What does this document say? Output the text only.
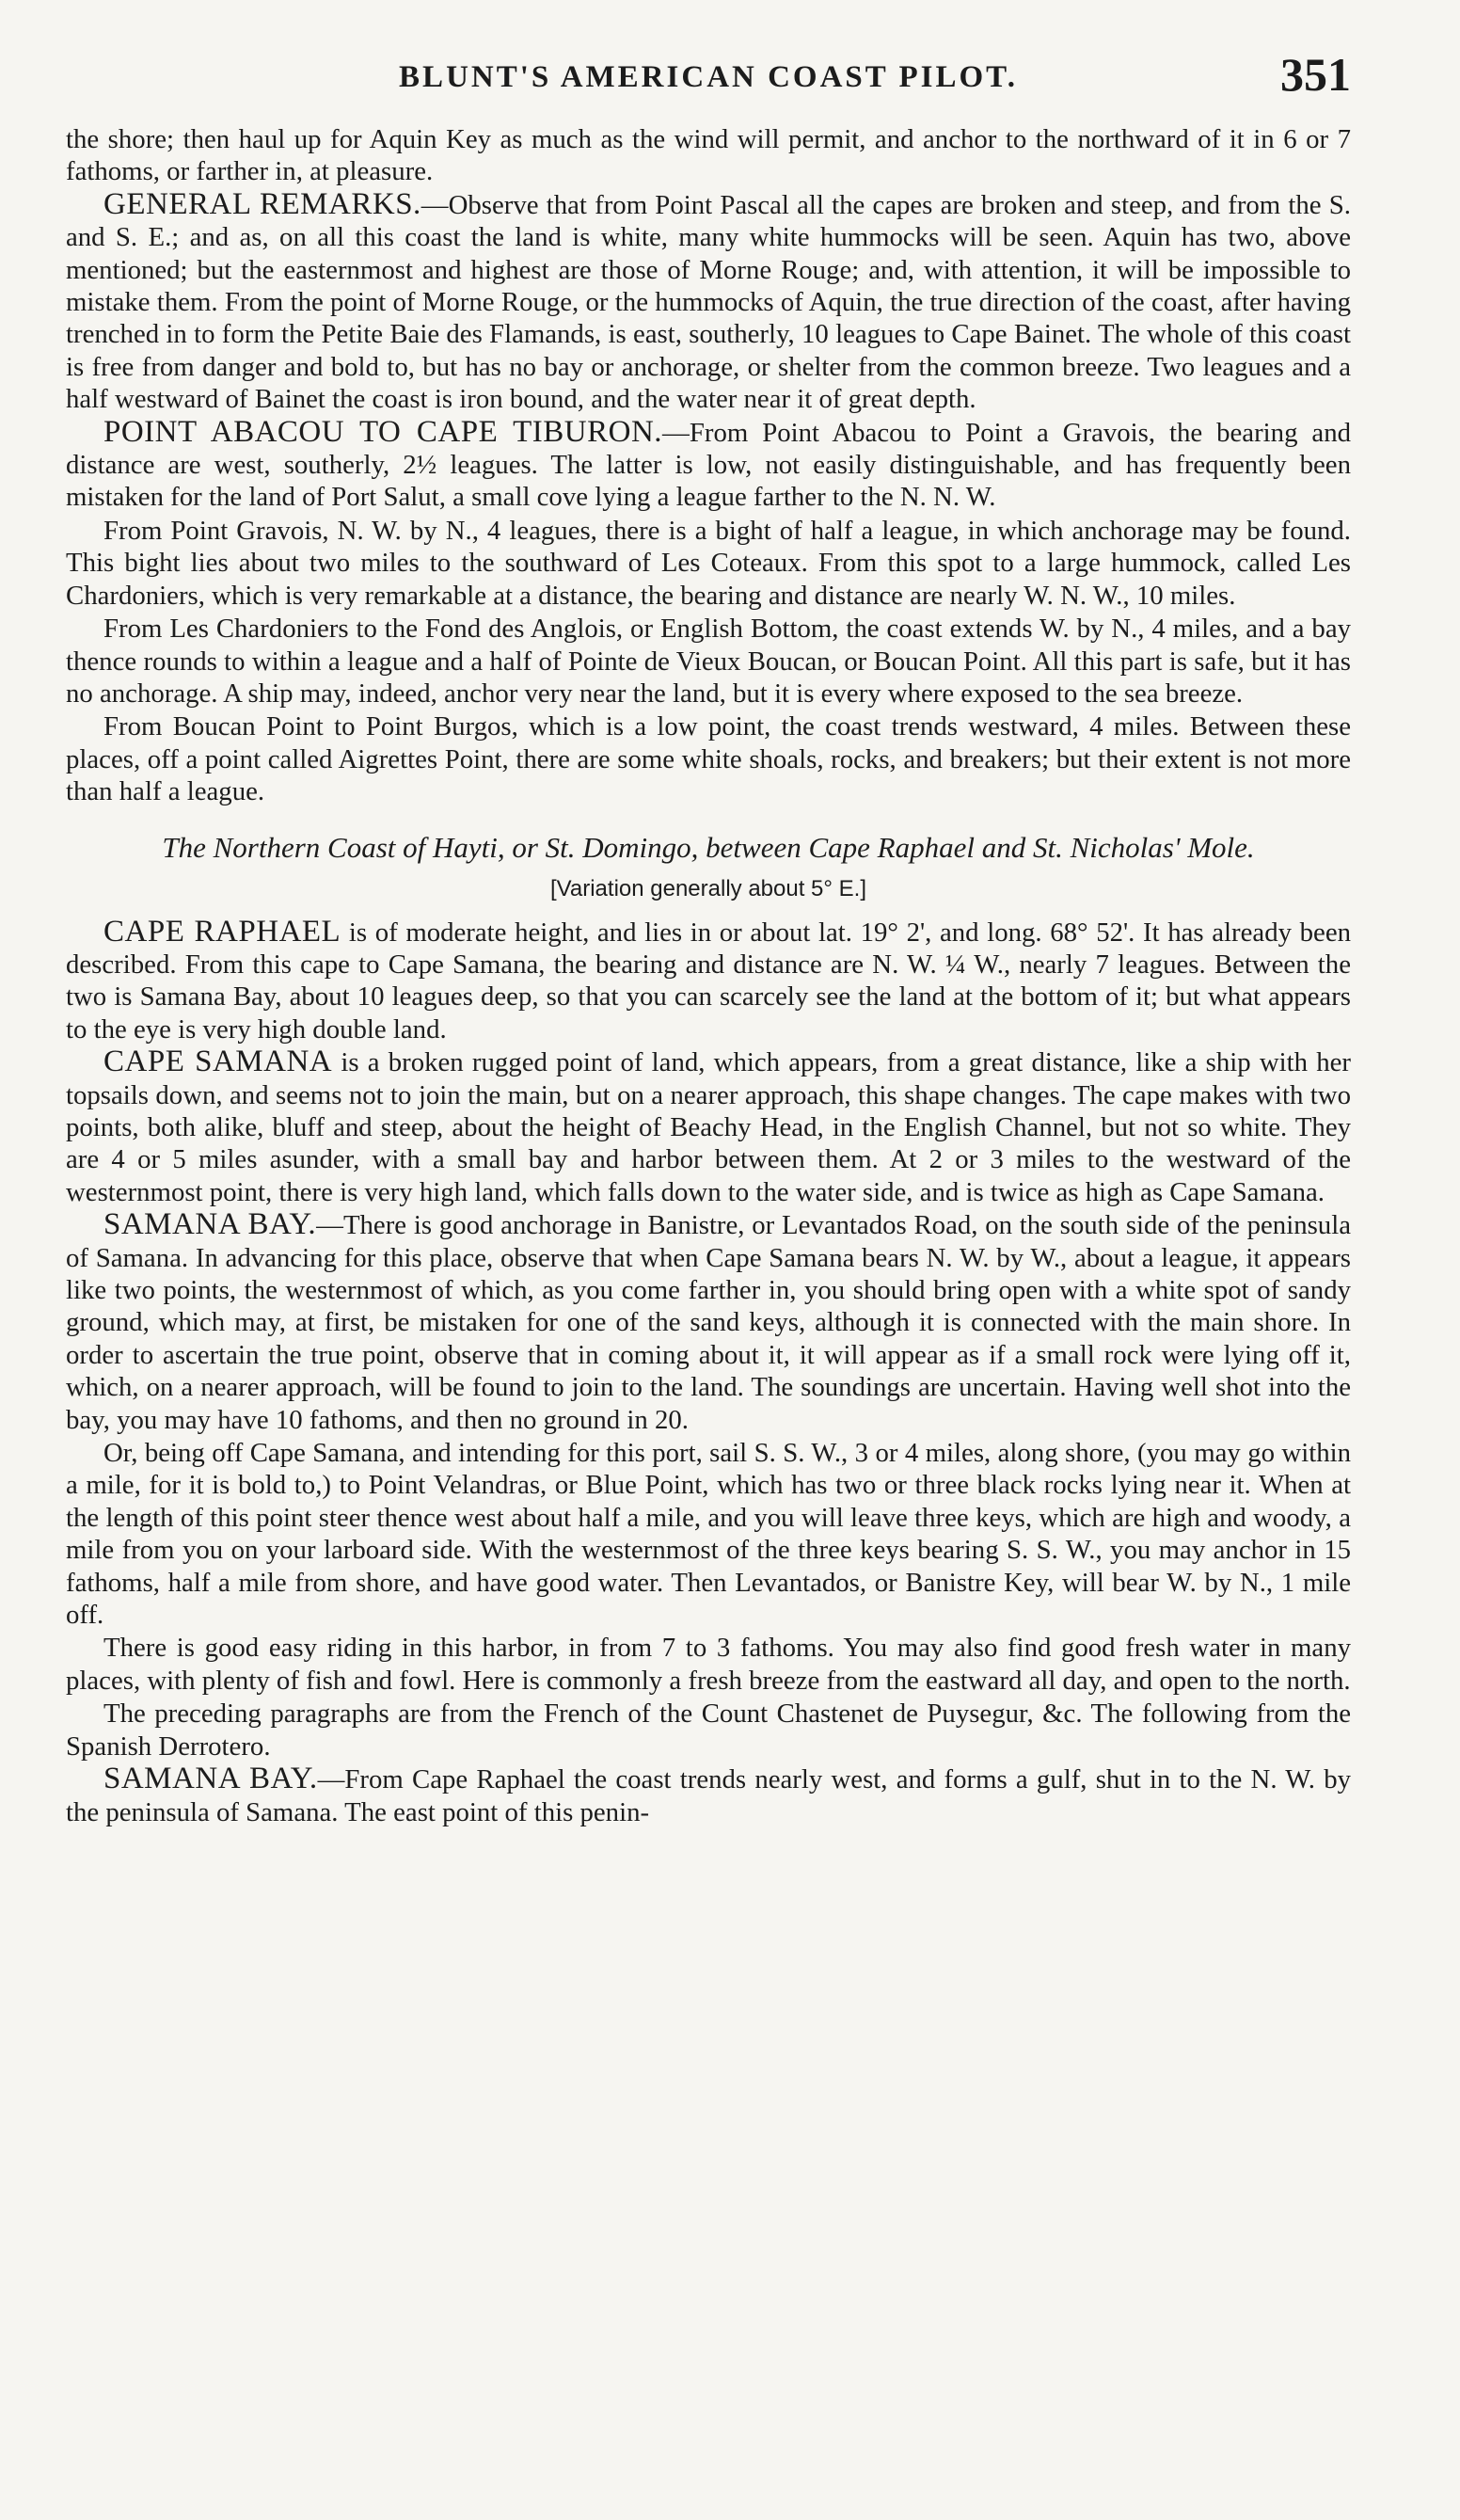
BLUNT'S AMERICAN COAST PILOT.	351

the shore; then haul up for Aquin Key as much as the wind will permit, and anchor to the northward of it in 6 or 7 fathoms, or farther in, at pleasure.

GENERAL REMARKS.—Observe that from Point Pascal all the capes are broken and steep, and from the S. and S. E.; and as, on all this coast the land is white, many white hummocks will be seen. Aquin has two, above mentioned; but the easternmost and highest are those of Morne Rouge; and, with attention, it will be impossible to mistake them. From the point of Morne Rouge, or the hummocks of Aquin, the true direction of the coast, after having trenched in to form the Petite Baie des Flamands, is east, southerly, 10 leagues to Cape Bainet. The whole of this coast is free from danger and bold to, but has no bay or anchorage, or shelter from the common breeze. Two leagues and a half westward of Bainet the coast is iron bound, and the water near it of great depth.

POINT ABACOU TO CAPE TIBURON.—From Point Abacou to Point a Gravois, the bearing and distance are west, southerly, 2½ leagues. The latter is low, not easily distinguishable, and has frequently been mistaken for the land of Port Salut, a small cove lying a league farther to the N. N. W.

From Point Gravois, N. W. by N., 4 leagues, there is a bight of half a league, in which anchorage may be found. This bight lies about two miles to the southward of Les Coteaux. From this spot to a large hummock, called Les Chardoniers, which is very remarkable at a distance, the bearing and distance are nearly W. N. W., 10 miles.

From Les Chardoniers to the Fond des Anglois, or English Bottom, the coast extends W. by N., 4 miles, and a bay thence rounds to within a league and a half of Pointe de Vieux Boucan, or Boucan Point. All this part is safe, but it has no anchorage. A ship may, indeed, anchor very near the land, but it is every where exposed to the sea breeze.

From Boucan Point to Point Burgos, which is a low point, the coast trends westward, 4 miles. Between these places, off a point called Aigrettes Point, there are some white shoals, rocks, and breakers; but their extent is not more than half a league.

The Northern Coast of Hayti, or St. Domingo, between Cape Raphael and St. Nicholas' Mole.
[Variation generally about 5° E.]

CAPE RAPHAEL is of moderate height, and lies in or about lat. 19° 2', and long. 68° 52'. It has already been described. From this cape to Cape Samana, the bearing and distance are N. W. ¼ W., nearly 7 leagues. Between the two is Samana Bay, about 10 leagues deep, so that you can scarcely see the land at the bottom of it; but what appears to the eye is very high double land.

CAPE SAMANA is a broken rugged point of land, which appears, from a great distance, like a ship with her topsails down, and seems not to join the main, but on a nearer approach, this shape changes. The cape makes with two points, both alike, bluff and steep, about the height of Beachy Head, in the English Channel, but not so white. They are 4 or 5 miles asunder, with a small bay and harbor between them. At 2 or 3 miles to the westward of the westernmost point, there is very high land, which falls down to the water side, and is twice as high as Cape Samana.

SAMANA BAY.—There is good anchorage in Banistre, or Levantados Road, on the south side of the peninsula of Samana. In advancing for this place, observe that when Cape Samana bears N. W. by W., about a league, it appears like two points, the westernmost of which, as you come farther in, you should bring open with a white spot of sandy ground, which may, at first, be mistaken for one of the sand keys, although it is connected with the main shore. In order to ascertain the true point, observe that in coming about it, it will appear as if a small rock were lying off it, which, on a nearer approach, will be found to join to the land. The soundings are uncertain. Having well shot into the bay, you may have 10 fathoms, and then no ground in 20.

Or, being off Cape Samana, and intending for this port, sail S. S. W., 3 or 4 miles, along shore, (you may go within a mile, for it is bold to,) to Point Velandras, or Blue Point, which has two or three black rocks lying near it. When at the length of this point steer thence west about half a mile, and you will leave three keys, which are high and woody, a mile from you on your larboard side. With the westernmost of the three keys bearing S. S. W., you may anchor in 15 fathoms, half a mile from shore, and have good water. Then Levantados, or Banistre Key, will bear W. by N., 1 mile off.

There is good easy riding in this harbor, in from 7 to 3 fathoms. You may also find good fresh water in many places, with plenty of fish and fowl. Here is commonly a fresh breeze from the eastward all day, and open to the north.

The preceding paragraphs are from the French of the Count Chastenet de Puysegur, &c. The following from the Spanish Derrotero.

SAMANA BAY.—From Cape Raphael the coast trends nearly west, and forms a gulf, shut in to the N. W. by the peninsula of Samana. The east point of this penin-
